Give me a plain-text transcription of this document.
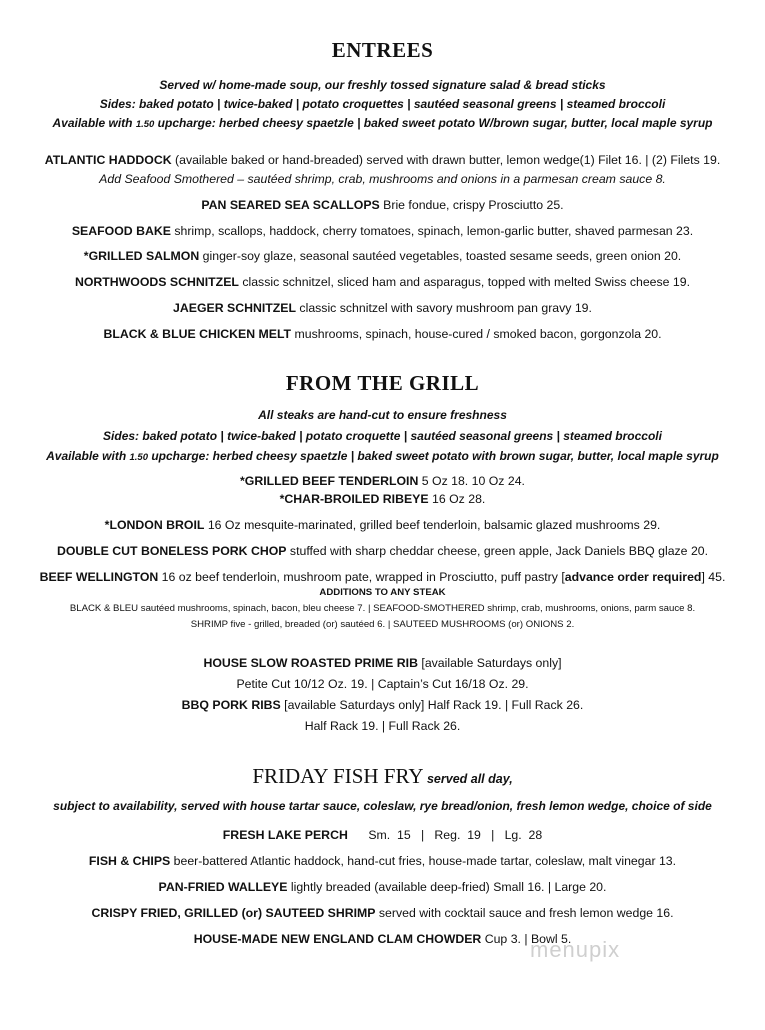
ENTREES

Served w/ home-made soup, our freshly tossed signature salad & bread sticks

Sides: baked potato | twice-baked | potato croquettes | sautéed seasonal greens | steamed broccoli

Available with 1.50 upcharge: herbed cheesy spaetzle | baked sweet potato W/brown sugar, butter, local maple syrup

ATLANTIC HADDOCK (available baked or hand-breaded) served with drawn butter, lemon wedge(1) Filet 16. | (2) Filets 19.

Add Seafood Smothered – sautéed shrimp, crab, mushrooms and onions in a parmesan cream sauce 8.

PAN SEARED SEA SCALLOPS Brie fondue, crispy Prosciutto 25.

SEAFOOD BAKE shrimp, scallops, haddock, cherry tomatoes, spinach, lemon-garlic butter, shaved parmesan 23.

*GRILLED SALMON ginger-soy glaze, seasonal sautéed vegetables, toasted sesame seeds, green onion 20.

NORTHWOODS SCHNITZEL classic schnitzel, sliced ham and asparagus, topped with melted Swiss cheese 19.

JAEGER SCHNITZEL classic schnitzel with savory mushroom pan gravy 19.

BLACK & BLUE CHICKEN MELT mushrooms, spinach, house-cured / smoked bacon, gorgonzola 20.

FROM THE GRILL

All steaks are hand-cut to ensure freshness

Sides: baked potato | twice-baked | potato croquette | sautéed seasonal greens | steamed broccoli

Available with 1.50 upcharge: herbed cheesy spaetzle | baked sweet potato with brown sugar, butter, local maple syrup

*GRILLED BEEF TENDERLOIN 5 Oz 18. 10 Oz 24.

*CHAR-BROILED RIBEYE 16 Oz 28.

*LONDON BROIL 16 Oz mesquite-marinated, grilled beef tenderloin, balsamic glazed mushrooms 29.

DOUBLE CUT BONELESS PORK CHOP stuffed with sharp cheddar cheese, green apple, Jack Daniels BBQ glaze 20.

BEEF WELLINGTON 16 oz beef tenderloin, mushroom pate, wrapped in Prosciutto, puff pastry [advance order required] 45.

ADDITIONS TO ANY STEAK

BLACK & BLEU sautéed mushrooms, spinach, bacon, bleu cheese 7. | SEAFOOD-SMOTHERED shrimp, crab, mushrooms, onions, parm sauce 8.

SHRIMP five - grilled, breaded (or) sautéed 6. | SAUTEED MUSHROOMS (or) ONIONS 2.

HOUSE SLOW ROASTED PRIME RIB [available Saturdays only]

Petite Cut 10/12 Oz. 19. | Captain’s Cut 16/18 Oz. 29.

BBQ PORK RIBS [available Saturdays only] Half Rack 19. | Full Rack 26.

Half Rack 19. | Full Rack 26.

FRIDAY FISH FRY served all day,

subject to availability, served with house tartar sauce, coleslaw, rye bread/onion, fresh lemon wedge, choice of side

FRESH LAKE PERCH      Sm.  15   |   Reg.  19   |   Lg.  28

FISH & CHIPS beer-battered Atlantic haddock, hand-cut fries, house-made tartar, coleslaw, malt vinegar 13.

PAN-FRIED WALLEYE lightly breaded (available deep-fried) Small 16. | Large 20.

CRISPY FRIED, GRILLED (or) SAUTEED SHRIMP served with cocktail sauce and fresh lemon wedge 16.

HOUSE-MADE NEW ENGLAND CLAM CHOWDER Cup 3. | Bowl 5.

menupix
